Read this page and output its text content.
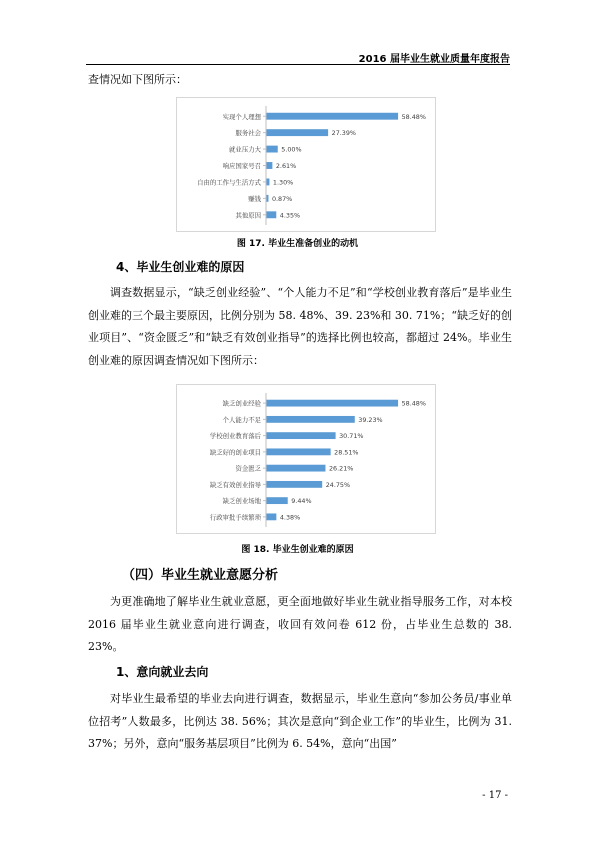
2016 届毕业生就业质量年度报告

查情况如下图所示：

实现个人理想	58.48%
服务社会	27.39%
就业压力大	5.00%
响应国家号召 2.61%
自由的工作与生活方式 1.30%
赚钱 0.87%
其他原因	4.35%
图 17. 毕业生准备创业的动机
4、毕业生创业难的原因

调查数据显示，“缺乏创业经验”、“个人能力不足”和“学校创业教育落后”是毕业生创业难的三个最主要原因，比例分别为 58. 48%、39. 23%和 30. 71%；“缺乏好的创业项目”、“资金匮乏”和“缺乏有效创业指导”的选择比例也较高，都超过 24%。毕业生创业难的原因调查情况如下图所示：

缺乏创业经验	58.48%
个人能力不足	39.23%
学校创业教育落后	30.71%
缺乏好的创业项目	28.51%
资金匮乏	26.21%
缺乏有效创业指导	24.75%
缺乏创业场地	9.44%
行政审批手续繁琐	4.38%
图 18. 毕业生创业难的原因
（四）毕业生就业意愿分析

为更准确地了解毕业生就业意愿，更全面地做好毕业生就业指导服务工作，对本校 2016 届毕业生就业意向进行调查，收回有效问卷 612 份，占毕业生总数的 38. 23%。

1、意向就业去向

对毕业生最希望的毕业去向进行调查，数据显示，毕业生意向“参加公务员/事业单位招考”人数最多，比例达 38. 56%；其次是意向“到企业工作”的毕业生，比例为 31. 37%；另外，意向“服务基层项目”比例为 6. 54%，意向“出国”

- 17 -
